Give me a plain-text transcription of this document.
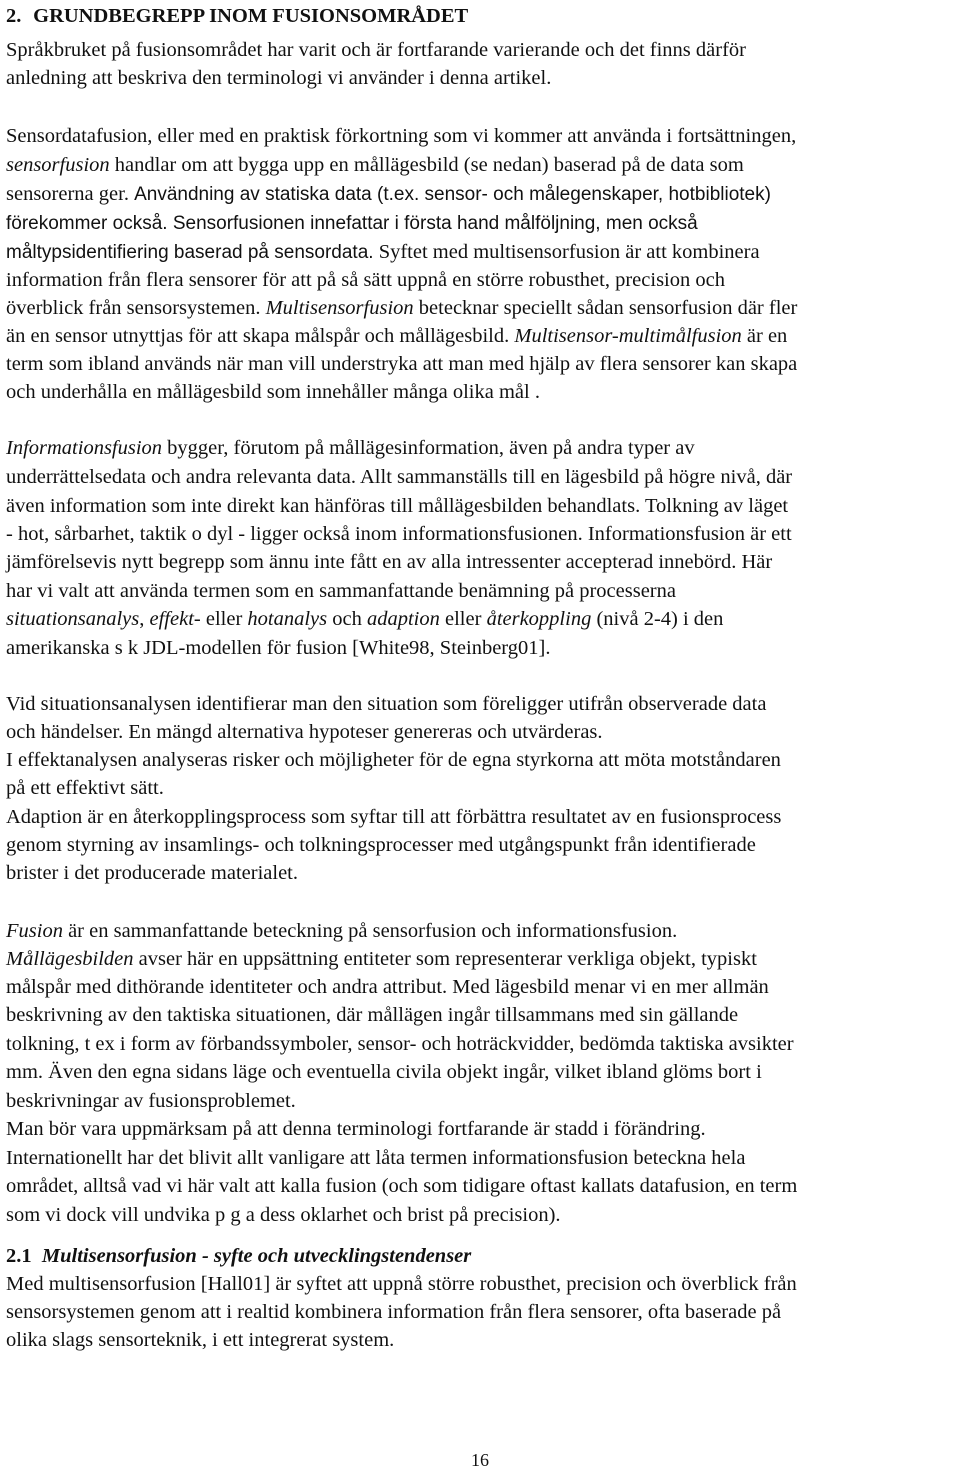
2. GRUNDBEGREPP INOM FUSIONSOMRÅDET
Språkbruket på fusionsområdet har varit och är fortfarande varierande och det finns därför
anledning att beskriva den terminologi vi använder i denna artikel.
Sensordatafusion, eller med en praktisk förkortning som vi kommer att använda i fortsättningen,
sensorfusion handlar om att bygga upp en mållägesbild (se nedan) baserad på de data som
sensorerna ger. Användning av statiska data (t.ex. sensor- och målegenskaper, hotbibliotek)
förekommer också. Sensorfusionen innefattar i första hand målföljning, men också
måltypsidentifiering baserad på sensordata. Syftet med multisensorfusion är att kombinera
information från flera sensorer för att på så sätt uppnå en större robusthet, precision och
överblick från sensorsystemen. Multisensorfusion betecknar speciellt sådan sensorfusion där fler
än en sensor utnyttjas för att skapa målspår och mållägesbild. Multisensor-multimålfusion är en
term som ibland används när man vill understryka att man med hjälp av flera sensorer kan skapa
och underhålla en mållägesbild som innehåller många olika mål .
Informationsfusion bygger, förutom på mållägesinformation, även på andra typer av
underrättelsedata och andra relevanta data. Allt sammanställs till en lägesbild på högre nivå, där
även information som inte direkt kan hänföras till mållägesbilden behandlats. Tolkning av läget
- hot, sårbarhet, taktik o dyl - ligger också inom informationsfusionen. Informationsfusion är ett
jämförelsevis nytt begrepp som ännu inte fått en av alla intressenter accepterad innebörd. Här
har vi valt att använda termen som en sammanfattande benämning på processerna
situationsanalys, effekt- eller hotanalys och adaption eller återkoppling (nivå 2-4) i den
amerikanska s k JDL-modellen för fusion [White98, Steinberg01].
Vid situationsanalysen identifierar man den situation som föreligger utifrån observerade data
och händelser. En mängd alternativa hypoteser genereras och utvärderas.
I effektanalysen analyseras risker och möjligheter för de egna styrkorna att möta motståndaren
på ett effektivt sätt.
Adaption är en återkopplingsprocess som syftar till att förbättra resultatet av en fusionsprocess
genom styrning av insamlings- och tolkningsprocesser med utgångspunkt från identifierade
brister i det producerade materialet.
Fusion är en sammanfattande beteckning på sensorfusion och informationsfusion.
Mållägesbilden avser här en uppsättning entiteter som representerar verkliga objekt, typiskt
målspår med dithörande identiteter och andra attribut. Med lägesbild menar vi en mer allmän
beskrivning av den taktiska situationen, där mållägen ingår tillsammans med sin gällande
tolkning, t ex i form av förbandssymboler, sensor- och hoträckvidder, bedömda taktiska avsikter
mm. Även den egna sidans läge och eventuella civila objekt ingår, vilket ibland glöms bort i
beskrivningar av fusionsproblemet.
Man bör vara uppmärksam på att denna terminologi fortfarande är stadd i förändring.
Internationellt har det blivit allt vanligare att låta termen informationsfusion beteckna hela
området, alltså vad vi här valt att kalla fusion (och som tidigare oftast kallats datafusion, en term
som vi dock vill undvika p g a dess oklarhet och brist på precision).
2.1 Multisensorfusion - syfte och utvecklingstendenser
Med multisensorfusion [Hall01] är syftet att uppnå större robusthet, precision och överblick från
sensorsystemen genom att i realtid kombinera information från flera sensorer, ofta baserade på
olika slags sensorteknik, i ett integrerat system.
16
